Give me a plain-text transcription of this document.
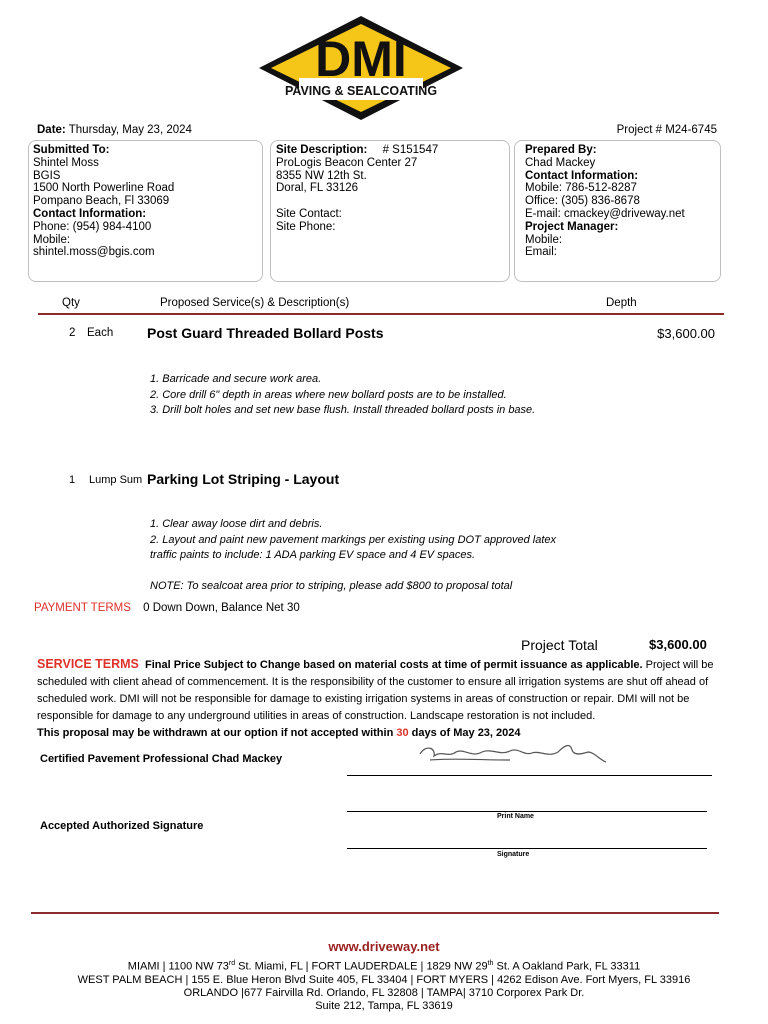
DMI
PAVING & SEALCOATING
Date: Thursday, May 23, 2024	Project # M24-6745
Submitted To:
Shintel Moss
BGIS
1500 North Powerline Road
Pompano Beach, Fl 33069
Contact Information:
Phone: (954) 984-4100
Mobile:
shintel.moss@bgis.com
Site Description: # S151547
ProLogis Beacon Center 27
8355 NW 12th St.
Doral, FL 33126

Site Contact:
Site Phone:
Prepared By:
Chad Mackey
Contact Information:
Mobile: 786-512-8287
Office: (305) 836-8678
E-mail: cmackey@driveway.net
Project Manager:
Mobile:
Email:
Qty	Proposed Service(s) & Description(s)	Depth
2 Each Post Guard Threaded Bollard Posts	$3,600.00
1. Barricade and secure work area.
2. Core drill 6" depth in areas where new bollard posts are to be installed.
3. Drill bolt holes and set new base flush. Install threaded bollard posts in base.
1 Lump Sum Parking Lot Striping - Layout
1. Clear away loose dirt and debris.
2. Layout and paint new pavement markings per existing using DOT approved latex
traffic paints to include: 1 ADA parking EV space and 4 EV spaces.

NOTE: To sealcoat area prior to striping, please add $800 to proposal total
PAYMENT TERMS 0 Down Down, Balance Net 30
Project Total	$3,600.00
SERVICE TERMS Final Price Subject to Change based on material costs at time of permit issuance as applicable. Project will be scheduled with client ahead of commencement. It is the responsibility of the customer to ensure all irrigation systems are shut off ahead of scheduled work. DMI will not be responsible for damage to existing irrigation systems in areas of construction or repair. DMI will not be responsible for damage to any underground utilities in areas of construction. Landscape restoration is not included.
This proposal may be withdrawn at our option if not accepted within 30 days of May 23, 2024
Certified Pavement Professional Chad Mackey
Print Name
Accepted Authorized Signature
Signature
www.driveway.net
MIAMI | 1100 NW 73rd St. Miami, FL | FORT LAUDERDALE | 1829 NW 29th St. A Oakland Park, FL 33311
WEST PALM BEACH | 155 E. Blue Heron Blvd Suite 405, FL 33404 | FORT MYERS | 4262 Edison Ave. Fort Myers, FL 33916
ORLANDO |677 Fairvilla Rd. Orlando, FL 32808 | TAMPA| 3710 Corporex Park Dr.
Suite 212, Tampa, FL 33619
